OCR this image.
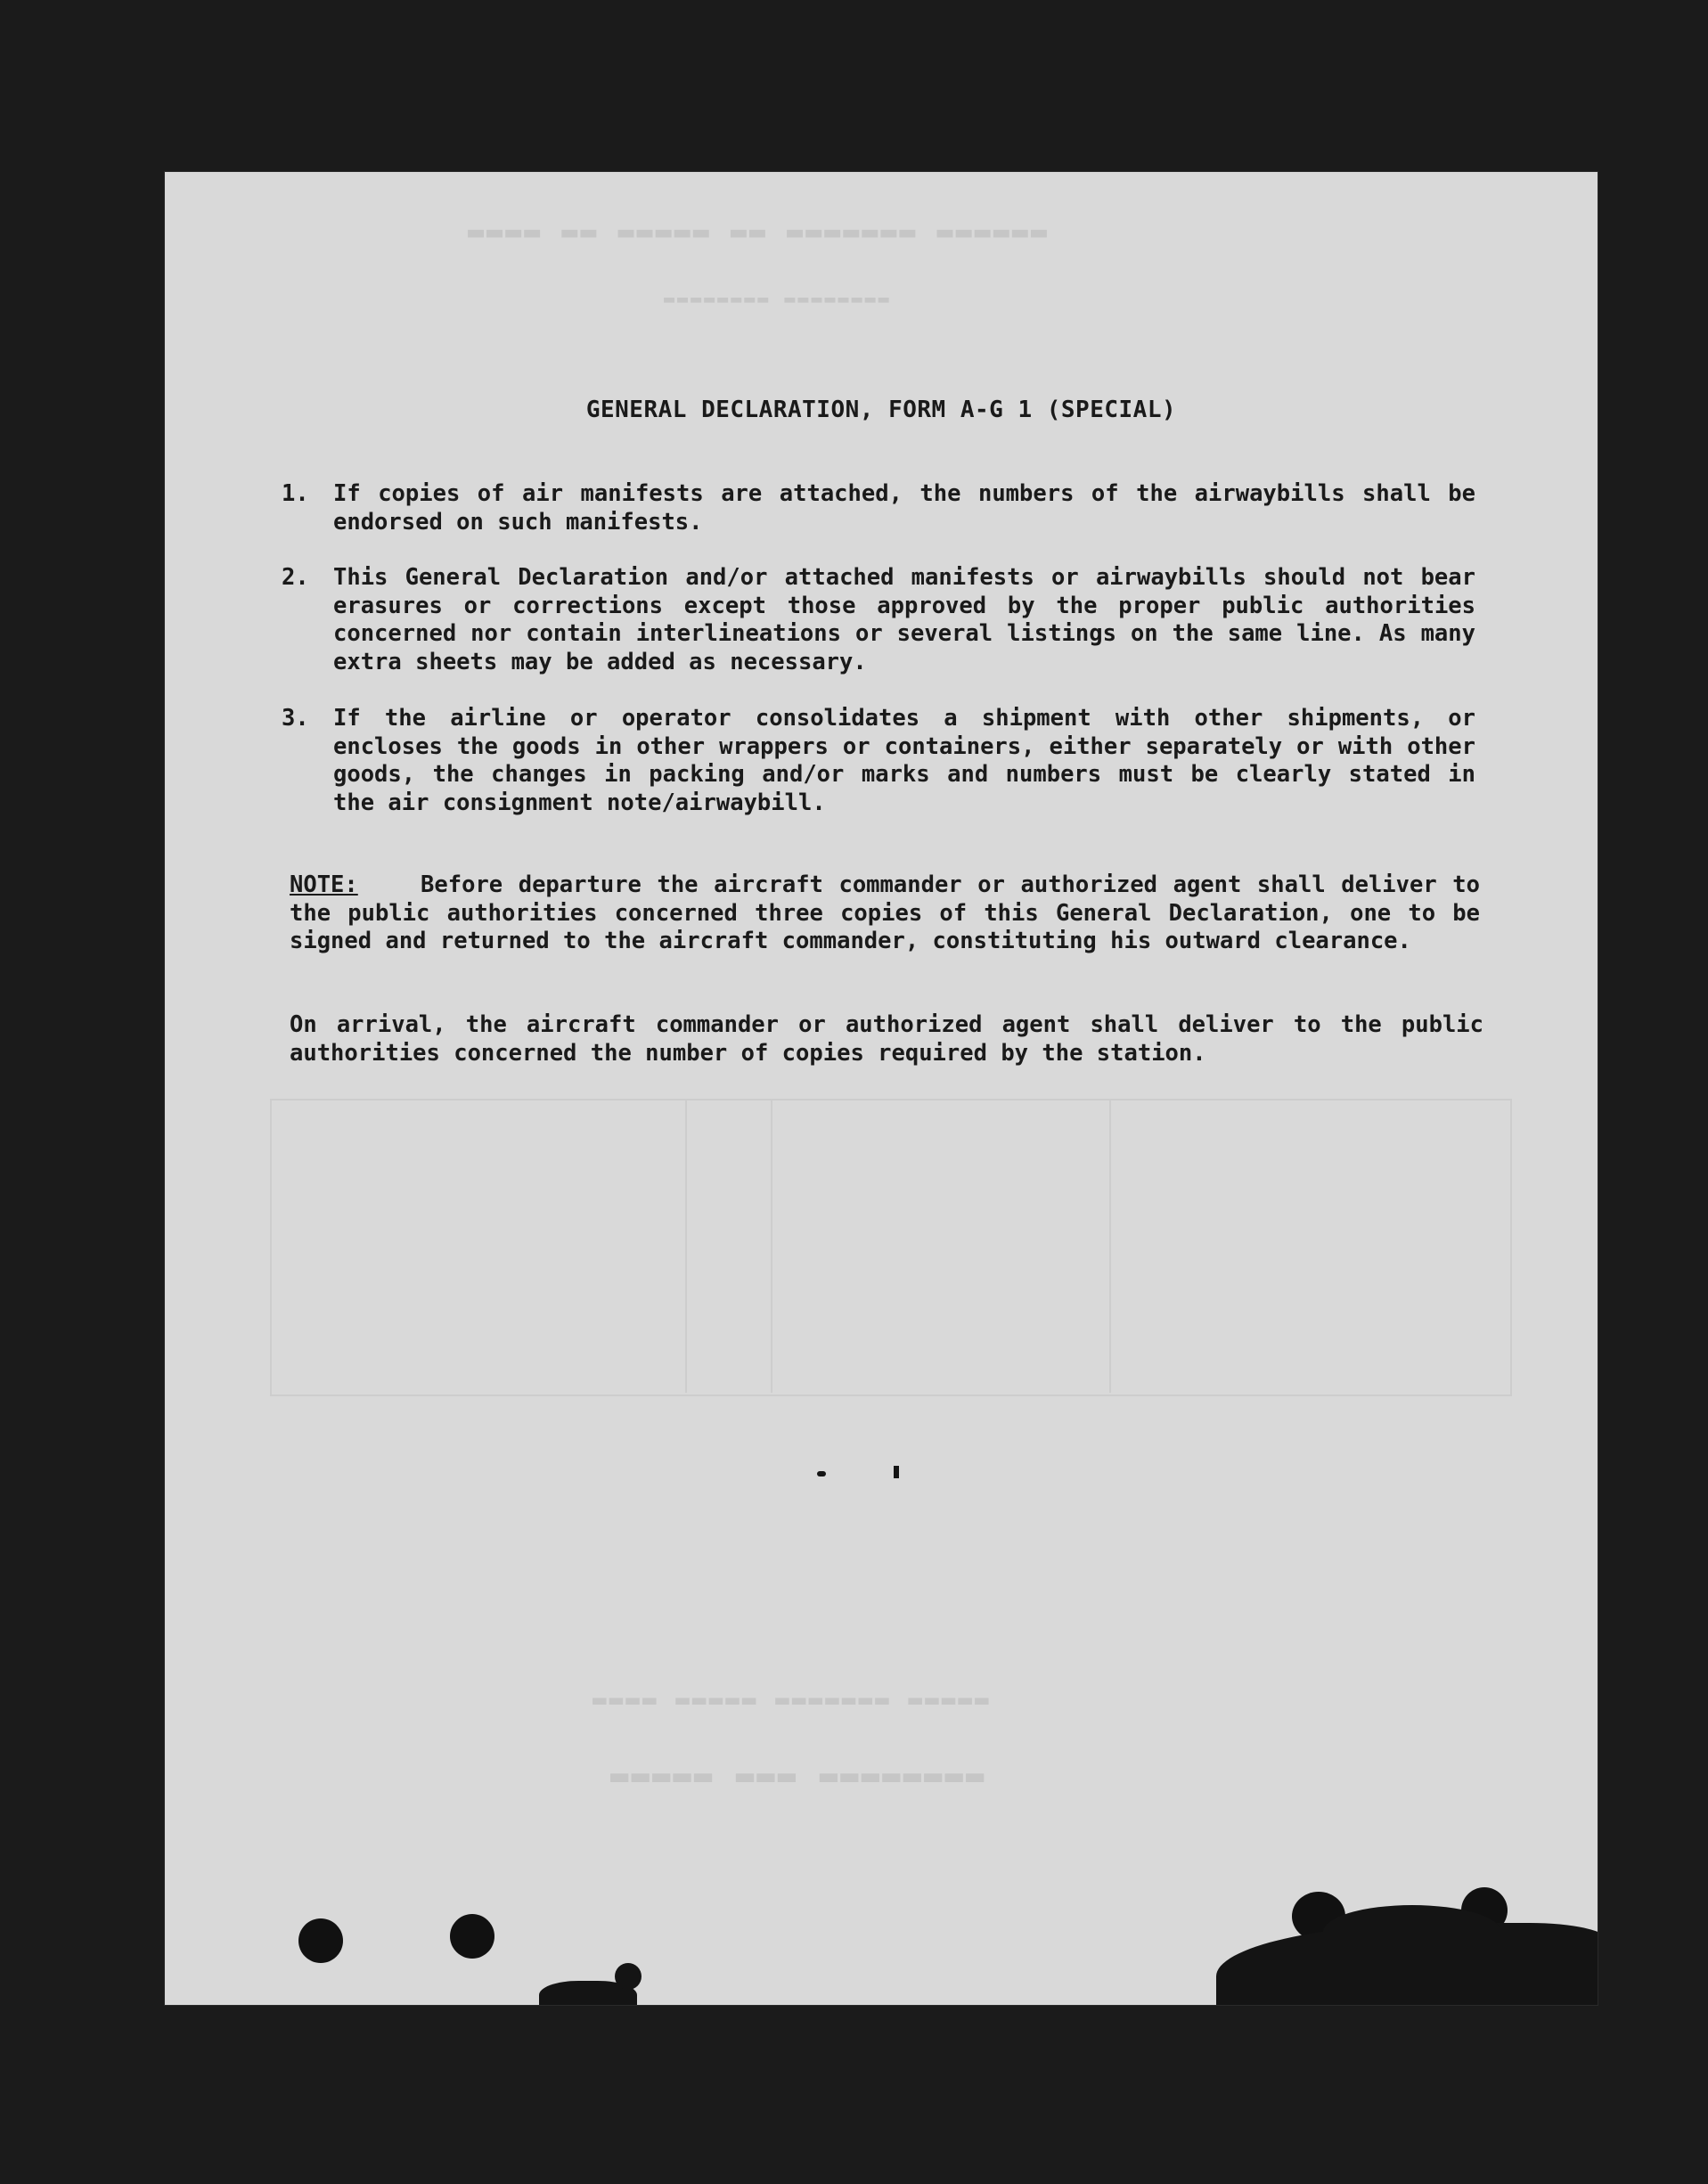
▬▬▬▬ ▬▬ ▬▬▬▬▬ ▬▬ ▬▬▬▬▬▬▬ ▬▬▬▬▬▬
▬▬▬▬▬▬▬▬ ▬▬▬▬▬▬▬▬
▬▬▬▬ ▬▬▬▬▬ ▬▬▬▬▬▬▬ ▬▬▬▬▬
▬▬▬▬▬ ▬▬▬ ▬▬▬▬▬▬▬▬
GENERAL DECLARATION, FORM A-G 1 (SPECIAL)
1. If copies of air manifests are attached, the numbers of the airwaybills shall be endorsed on such manifests.
2. This General Declaration and/or attached manifests or airwaybills should not bear erasures or corrections except those approved by the proper public authorities concerned nor contain interlineations or several listings on the same line. As many extra sheets may be added as necessary.
3. If the airline or operator consolidates a shipment with other shipments, or encloses the goods in other wrappers or containers, either separately or with other goods, the changes in packing and/or marks and numbers must be clearly stated in the air consignment note/airwaybill.
NOTE:	Before departure the aircraft commander or authorized agent shall deliver to the public authorities concerned three copies of this General Declaration, one to be signed and returned to the aircraft commander, constituting his outward clearance.
On arrival, the aircraft commander or authorized agent shall deliver to the public authorities concerned the number of copies required by the station.
